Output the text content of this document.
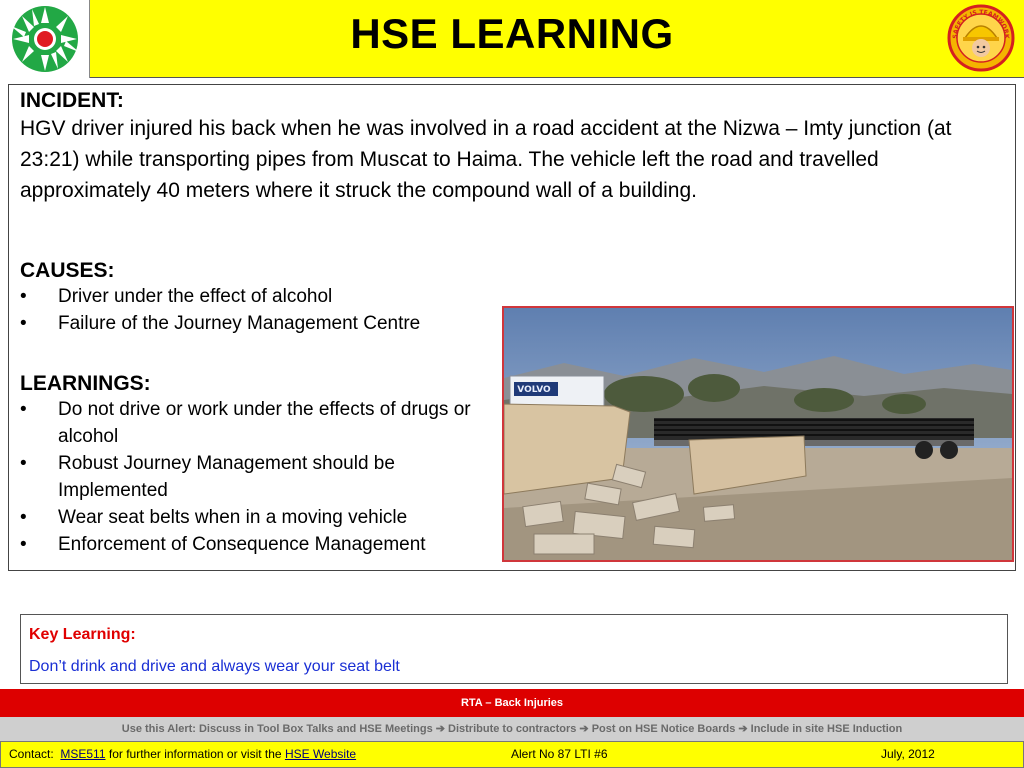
HSE LEARNING	SAFETY IS TEAMWORK
INCIDENT:
HGV driver injured his back when he was involved in a road accident at the Nizwa – Imty junction (at 23:21) while transporting pipes from Muscat to Haima. The vehicle left the road and travelled approximately 40 meters where it struck the compound wall of a building.
CAUSES:
•	Driver under the effect of alcohol
•	Failure of the Journey Management Centre
LEARNINGS:
•	Do not drive or work under the effects of drugs or alcohol
•	Robust Journey Management should be Implemented
•	Wear seat belts when in a moving vehicle
•	Enforcement of Consequence Management
VOLVO
Key Learning:
Don’t drink and drive and always wear your seat belt
RTA – Back Injuries
Use this Alert: Discuss in Tool Box Talks and HSE Meetings ➔ Distribute to contractors ➔ Post on HSE Notice Boards ➔ Include in site HSE Induction
Contact: MSE511 for further information or visit the HSE Website	Alert No 87 LTI #6	July, 2012
